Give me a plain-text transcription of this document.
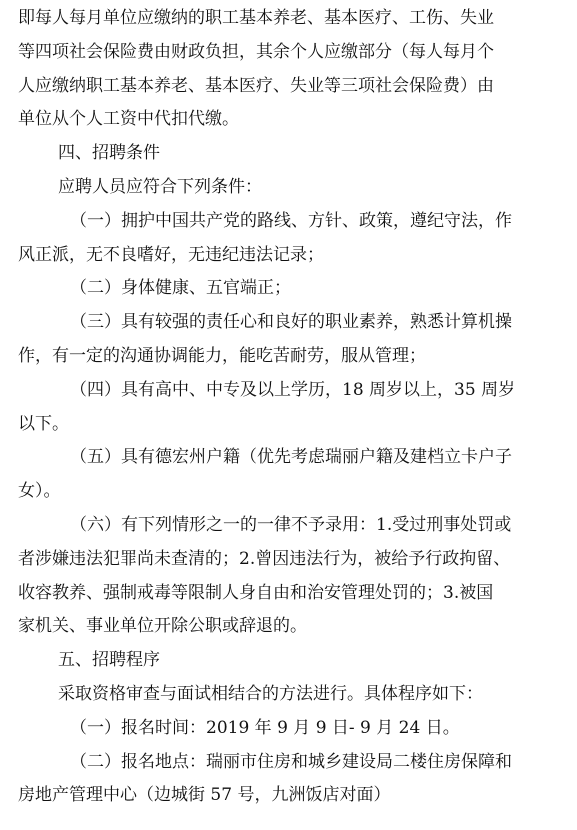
即每人每月单位应缴纳的职工基本养老、基本医疗、工伤、失业
等四项社会保险费由财政负担，其余个人应缴部分（每人每月个
人应缴纳职工基本养老、基本医疗、失业等三项社会保险费）由
单位从个人工资中代扣代缴。
四、招聘条件
应聘人员应符合下列条件：
（一）拥护中国共产党的路线、方针、政策，遵纪守法，作
风正派，无不良嗜好，无违纪违法记录；
（二）身体健康、五官端正；
（三）具有较强的责任心和良好的职业素养，熟悉计算机操
作，有一定的沟通协调能力，能吃苦耐劳，服从管理；
（四）具有高中、中专及以上学历，18 周岁以上，35 周岁
以下。
（五）具有德宏州户籍（优先考虑瑞丽户籍及建档立卡户子
女）。
（六）有下列情形之一的一律不予录用：1.受过刑事处罚或
者涉嫌违法犯罪尚未查清的；2.曾因违法行为，被给予行政拘留、
收容教养、强制戒毒等限制人身自由和治安管理处罚的；3.被国
家机关、事业单位开除公职或辞退的。
五、招聘程序
采取资格审查与面试相结合的方法进行。具体程序如下：
（一）报名时间：2019 年 9 月 9 日- 9 月 24 日。
（二）报名地点：瑞丽市住房和城乡建设局二楼住房保障和
房地产管理中心（边城街 57 号，九洲饭店对面）
